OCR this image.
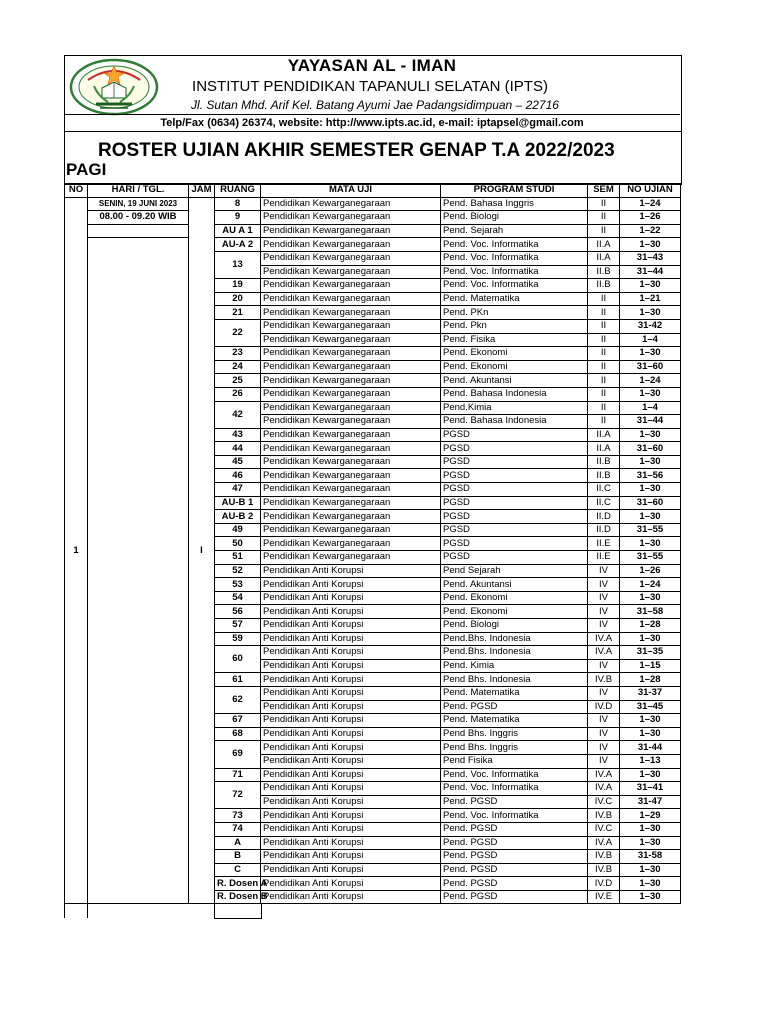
YAYASAN AL - IMAN
INSTITUT PENDIDIKAN TAPANULI SELATAN (IPTS)
Jl. Sutan Mhd. Arif Kel. Batang Ayumi Jae Padangsidimpuan – 22716
Telp/Fax (0634) 26374, website: http://www.ipts.ac.id, e-mail: iptapsel@gmail.com
ROSTER UJIAN AKHIR SEMESTER GENAP T.A 2022/2023
PAGI
NO	HARI / TGL.	JAM	RUANG	MATA UJI	PROGRAM STUDI	SEM	NO UJIAN
1	SENIN, 19 JUNI 2023	I	8	Pendidikan Kewarganegaraan	Pend. Bahasa Inggris	II	1–24
	08.00 - 09.20 WIB		9	Pendidikan Kewarganegaraan	Pend. Biologi	II	1–26
			AU A 1	Pendidikan Kewarganegaraan	Pend. Sejarah	II	1–22
			AU-A 2	Pendidikan Kewarganegaraan	Pend. Voc. Informatika	II.A	1–30
			13	Pendidikan Kewarganegaraan	Pend. Voc. Informatika	II.A	31–43
				Pendidikan Kewarganegaraan	Pend. Voc. Informatika	II.B	31–44
			19	Pendidikan Kewarganegaraan	Pend. Voc. Informatika	II.B	1–30
			20	Pendidikan Kewarganegaraan	Pend. Matematika	II	1–21
			21	Pendidikan Kewarganegaraan	Pend. PKn	II	1–30
			22	Pendidikan Kewarganegaraan	Pend. Pkn	II	31-42
				Pendidikan Kewarganegaraan	Pend. Fisika	II	1–4
			23	Pendidikan Kewarganegaraan	Pend. Ekonomi	II	1–30
			24	Pendidikan Kewarganegaraan	Pend. Ekonomi	II	31–60
			25	Pendidikan Kewarganegaraan	Pend. Akuntansi	II	1–24
			26	Pendidikan Kewarganegaraan	Pend. Bahasa Indonesia	II	1–30
			42	Pendidikan Kewarganegaraan	Pend.Kimia	II	1–4
				Pendidikan Kewarganegaraan	Pend. Bahasa Indonesia	II	31–44
			43	Pendidikan Kewarganegaraan	PGSD	II.A	1–30
			44	Pendidikan Kewarganegaraan	PGSD	II.A	31–60
			45	Pendidikan Kewarganegaraan	PGSD	II.B	1–30
			46	Pendidikan Kewarganegaraan	PGSD	II.B	31–56
			47	Pendidikan Kewarganegaraan	PGSD	II.C	1–30
			AU-B 1	Pendidikan Kewarganegaraan	PGSD	II.C	31–60
			AU-B 2	Pendidikan Kewarganegaraan	PGSD	II.D	1–30
			49	Pendidikan Kewarganegaraan	PGSD	II.D	31–55
			50	Pendidikan Kewarganegaraan	PGSD	II.E	1–30
			51	Pendidikan Kewarganegaraan	PGSD	II.E	31–55
			52	Pendidikan Anti Korupsi	Pend Sejarah	IV	1–26
			53	Pendidikan Anti Korupsi	Pend. Akuntansi	IV	1–24
			54	Pendidikan Anti Korupsi	Pend. Ekonomi	IV	1–30
			56	Pendidikan Anti Korupsi	Pend. Ekonomi	IV	31–58
			57	Pendidikan Anti Korupsi	Pend. Biologi	IV	1–28
			59	Pendidikan Anti Korupsi	Pend.Bhs. Indonesia	IV.A	1–30
			60	Pendidikan Anti Korupsi	Pend.Bhs. Indonesia	IV.A	31–35
				Pendidikan Anti Korupsi	Pend. Kimia	IV	1–15
			61	Pendidikan Anti Korupsi	Pend Bhs. Indonesia	IV.B	1–28
			62	Pendidikan Anti Korupsi	Pend. Matematika	IV	31-37
				Pendidikan Anti Korupsi	Pend. PGSD	IV.D	31–45
			67	Pendidikan Anti Korupsi	Pend. Matematika	IV	1–30
			68	Pendidikan Anti Korupsi	Pend Bhs. Inggris	IV	1–30
			69	Pendidikan Anti Korupsi	Pend Bhs. Inggris	IV	31-44
				Pendidikan Anti Korupsi	Pend Fisika	IV	1–13
			71	Pendidikan Anti Korupsi	Pend. Voc. Informatika	IV.A	1–30
			72	Pendidikan Anti Korupsi	Pend. Voc. Informatika	IV.A	31–41
				Pendidikan Anti Korupsi	Pend. PGSD	IV.C	31-47
			73	Pendidikan Anti Korupsi	Pend. Voc. Informatika	IV.B	1–29
			74	Pendidikan Anti Korupsi	Pend. PGSD	IV.C	1–30
			A	Pendidikan Anti Korupsi	Pend. PGSD	IV.A	1–30
			B	Pendidikan Anti Korupsi	Pend. PGSD	IV.B	31-58
			C	Pendidikan Anti Korupsi	Pend. PGSD	IV.B	1–30
			R. Dosen A	Pendidikan Anti Korupsi	Pend. PGSD	IV.D	1–30
			R. Dosen B	Pendidikan Anti Korupsi	Pend. PGSD	IV.E	1–30
